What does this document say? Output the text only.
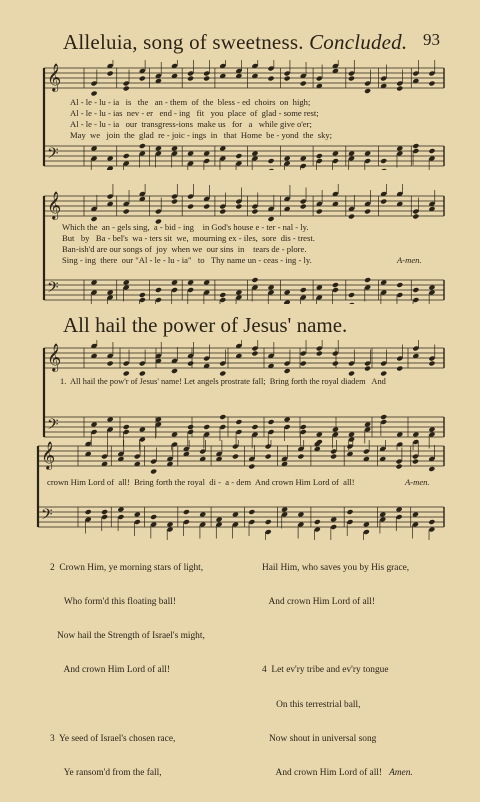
Alleluia, song of sweetness. Concluded. 93
𝄞
𝄢
Al - le - lu - ia   is   the   an - them  of  the  bless - ed  choirs  on  high;
Al - le - lu - ias  nev - er   end - ing   fit   you  place  of  glad - some rest;
Al - le - lu - ia   our  transgress-ions  make us   for   a   while give o'er;
May  we   join  the  glad  re - joic - ings  in   that  Home  be - yond  the  sky;
𝄞
𝄢
Which the  an - gels sing,  a - bid - ing    in God's house e - ter - nal - ly.
But   by   Ba - bel's  wa - ters sit  we,  mourning ex - iles,  sore  dis - trest.
Ban-ish'd are our songs of  joy  when we  our sins  in    tears de - plore.
Sing - ing  there  our "Al - le - lu - ia"   to   Thy name un - ceas - ing - ly.	A-men.
All hail the power of Jesus' name.
𝄞
𝄢
1.  All hail the pow'r of Jesus' name! Let angels prostrate fall;  Bring forth the royal diadem   And
𝄞
𝄢
crown Him Lord of  all!  Bring forth the royal  di -  a - dem  And crown Him Lord of  all!	A-men.

2  Crown Him, ye morning stars of light,

Who form'd this floating ball!

Now hail the Strength of Israel's might,

And crown Him Lord of all!

3  Ye seed of Israel's chosen race,

Ye ransom'd from the fall,

Hail Him, who saves you by His grace,

And crown Him Lord of all!

4  Let ev'ry tribe and ev'ry tongue

On this terrestrial ball,

Now shout in universal song

And crown Him Lord of all! Amen.
